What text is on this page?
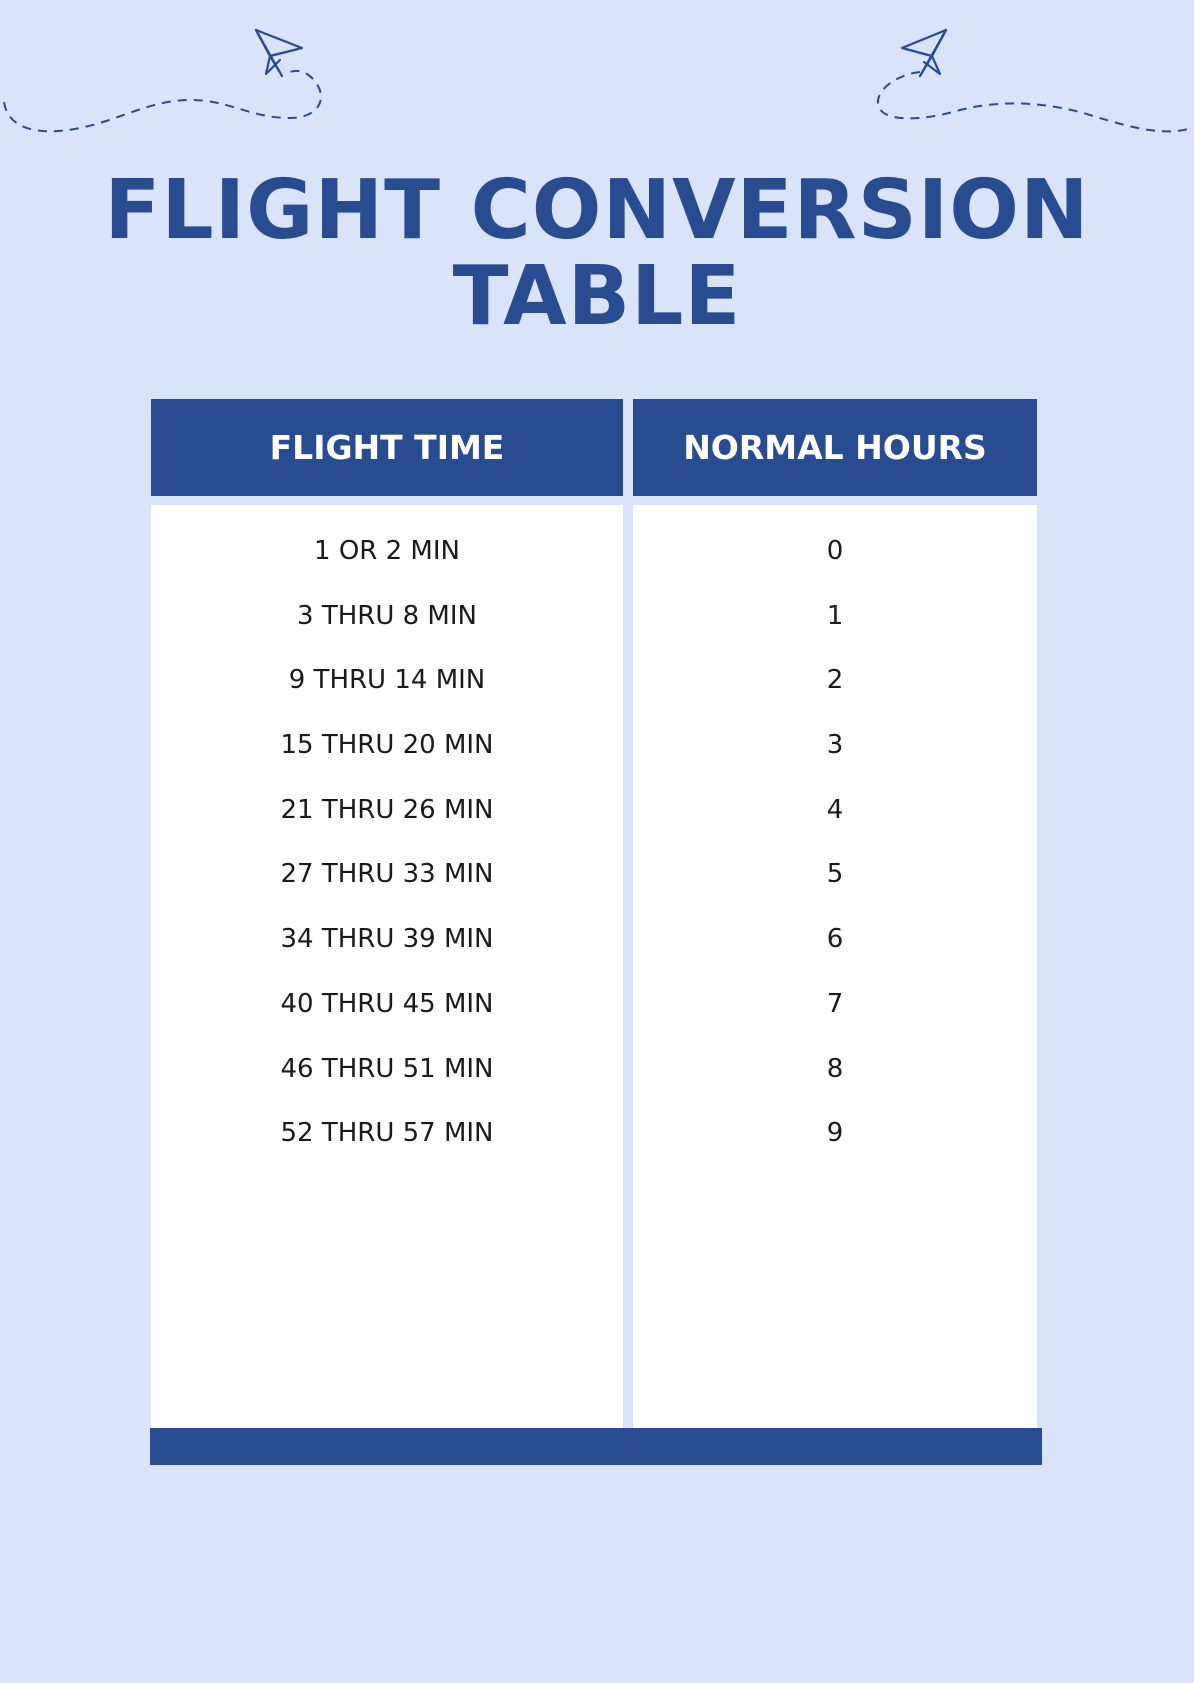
FLIGHT CONVERSION
TABLE
FLIGHT TIME	NORMAL HOURS
1 OR 2 MIN
3 THRU 8 MIN
9 THRU 14 MIN
15 THRU 20 MIN
21 THRU 26 MIN
27 THRU 33 MIN
34 THRU 39 MIN
40 THRU 45 MIN
46 THRU 51 MIN
52 THRU 57 MIN
0
1
2
3
4
5
6
7
8
9
